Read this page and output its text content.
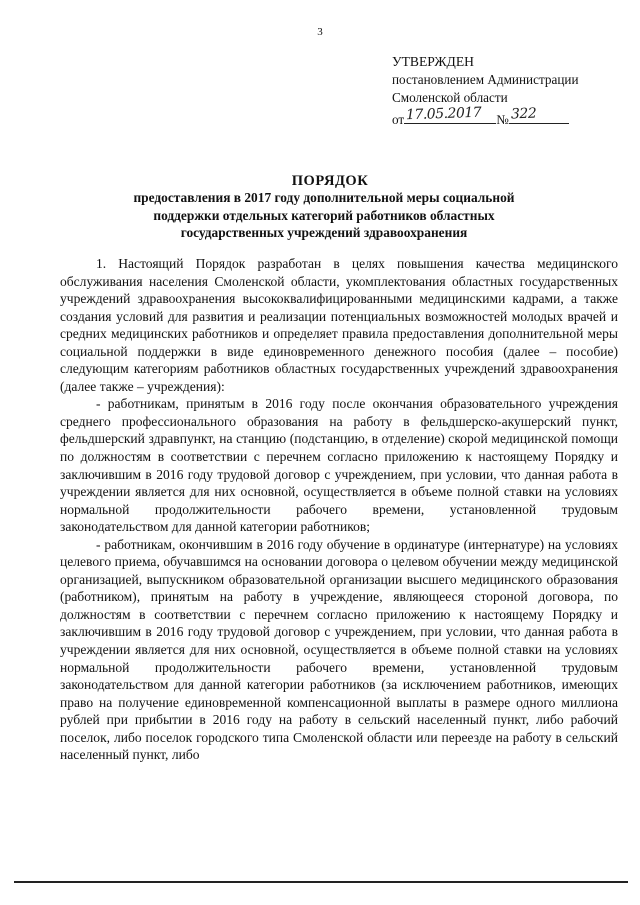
3
УТВЕРЖДЕН
постановлением Администрации
Смоленской области
от 17.05.2017 № 322
ПОРЯДОК
предоставления в 2017 году дополнительной меры социальной поддержки отдельных категорий работников областных государственных учреждений здравоохранения

1. Настоящий Порядок разработан в целях повышения качества медицинского обслуживания населения Смоленской области, укомплектования областных государственных учреждений здравоохранения высококвалифицированными медицинскими кадрами, а также создания условий для развития и реализации потенциальных возможностей молодых врачей и средних медицинских работников и определяет правила предоставления дополнительной меры социальной поддержки в виде единовременного денежного пособия (далее – пособие) следующим категориям работников областных государственных учреждений здравоохранения (далее также – учреждения):

- работникам, принятым в 2016 году после окончания образовательного учреждения среднего профессионального образования на работу в фельдшерско-акушерский пункт, фельдшерский здравпункт, на станцию (подстанцию, в отделение) скорой медицинской помощи по должностям в соответствии с перечнем согласно приложению к настоящему Порядку и заключившим в 2016 году трудовой договор с учреждением, при условии, что данная работа в учреждении является для них основной, осуществляется в объеме полной ставки на условиях нормальной продолжительности рабочего времени, установленной трудовым законодательством для данной категории работников;

- работникам, окончившим в 2016 году обучение в ординатуре (интернатуре) на условиях целевого приема, обучавшимся на основании договора о целевом обучении между медицинской организацией, выпускником образовательной организации высшего медицинского образования (работником), принятым на работу в учреждение, являющееся стороной договора, по должностям в соответствии с перечнем согласно приложению к настоящему Порядку и заключившим в 2016 году трудовой договор с учреждением, при условии, что данная работа в учреждении является для них основной, осуществляется в объеме полной ставки на условиях нормальной продолжительности рабочего времени, установленной трудовым законодательством для данной категории работников (за исключением работников, имеющих право на получение единовременной компенсационной выплаты в размере одного миллиона рублей при прибытии в 2016 году на работу в сельский населенный пункт, либо рабочий поселок, либо поселок городского типа Смоленской области или переезде на работу в сельский населенный пункт, либо
